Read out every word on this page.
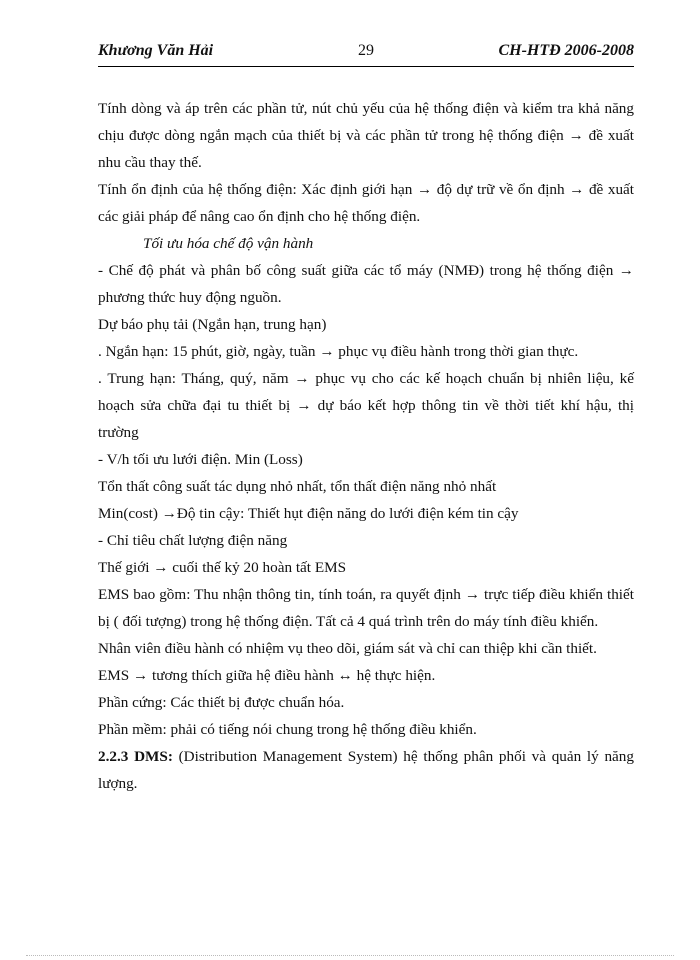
Khương Văn Hải	29	CH-HTĐ 2006-2008

Tính dòng và áp trên các phần tử, nút chủ yếu của hệ thống điện và kiểm tra khả năng chịu được dòng ngắn mạch của thiết bị và các phần tử trong hệ thống điện → đề xuất nhu cầu thay thế.

Tính ổn định của hệ thống điện: Xác định giới hạn → độ dự trữ về ổn định → đề xuất các giải pháp để nâng cao ổn định cho hệ thống điện.

Tối ưu hóa chế độ vận hành

- Chế độ phát và phân bố công suất giữa các tổ máy (NMĐ) trong hệ thống điện → phương thức huy động nguồn.

Dự báo phụ tải (Ngắn hạn, trung hạn)

. Ngắn hạn: 15 phút, giờ, ngày, tuần → phục vụ điều hành trong thời gian thực.

. Trung hạn: Tháng, quý, năm → phục vụ cho các kế hoạch chuẩn bị nhiên liệu, kế hoạch sửa chữa đại tu thiết bị → dự báo kết hợp thông tin về thời tiết khí hậu, thị trường

- V/h tối ưu lưới điện. Min (Loss)

Tổn thất công suất tác dụng nhỏ nhất, tổn thất điện năng nhỏ nhất

Min(cost) →Độ tin cậy: Thiết hụt điện năng do lưới điện kém tin cậy

- Chỉ tiêu chất lượng điện năng

Thế giới → cuối thế kỷ 20 hoàn tất EMS

EMS bao gồm: Thu nhận thông tin, tính toán, ra quyết định → trực tiếp điều khiển thiết bị ( đối tượng) trong hệ thống điện. Tất cả 4 quá trình trên do máy tính điều khiển.

Nhân viên điều hành có nhiệm vụ theo dõi, giám sát và chỉ can thiệp khi cần thiết.

EMS → tương thích giữa hệ điều hành ↔ hệ thực hiện.

Phần cứng: Các thiết bị được chuẩn hóa.

Phần mềm: phải có tiếng nói chung trong hệ thống điều khiển.

2.2.3 DMS: (Distribution Management System) hệ thống phân phối và quản lý năng lượng.
